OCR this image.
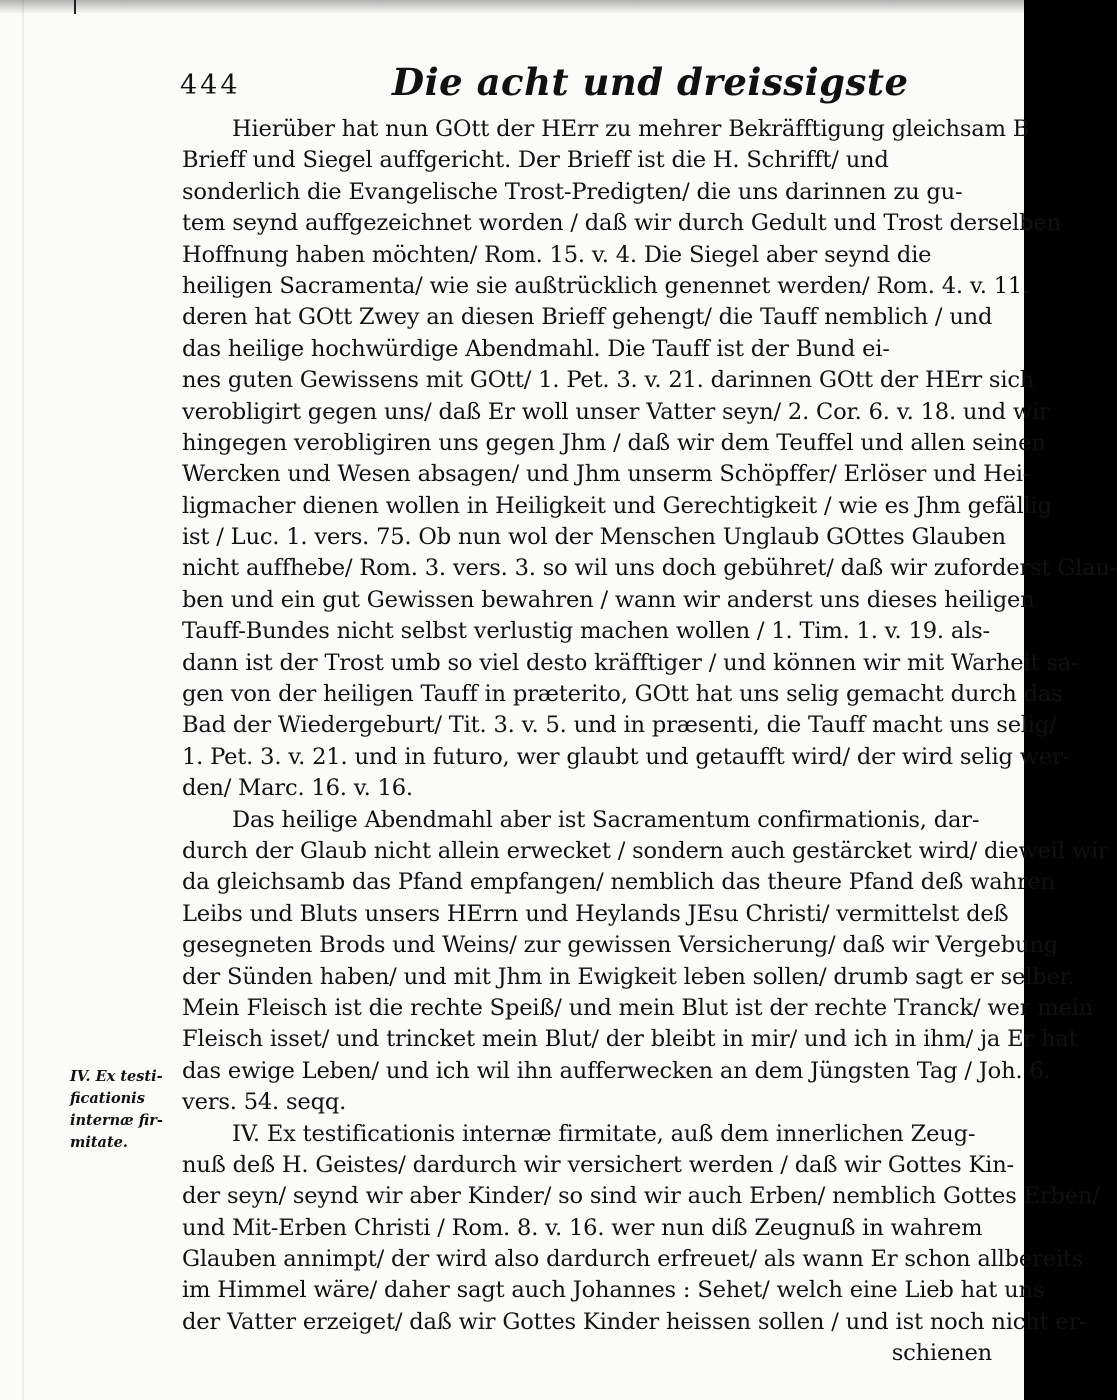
444	Die acht und dreissigste
IV. Ex testi-
ficationis
internæ fir-
mitate.
Hierüber hat nun GOtt der HErr zu mehrer Bekräfftigung gleichsam B
Brieff und Siegel auffgericht. Der Brieff ist die H. Schrifft/ und
sonderlich die Evangelische Trost-Predigten/ die uns darinnen zu gu-
tem seynd auffgezeichnet worden / daß wir durch Gedult und Trost derselben
Hoffnung haben möchten/ Rom. 15. v. 4. Die Siegel aber seynd die
heiligen Sacramenta/ wie sie außtrücklich genennet werden/ Rom. 4. v. 11.
deren hat GOtt Zwey an diesen Brieff gehengt/ die Tauff nemblich / und
das heilige hochwürdige Abendmahl. Die Tauff ist der Bund ei-
nes guten Gewissens mit GOtt/ 1. Pet. 3. v. 21. darinnen GOtt der HErr sich
verobligirt gegen uns/ daß Er woll unser Vatter seyn/ 2. Cor. 6. v. 18. und wir
hingegen verobligiren uns gegen Jhm / daß wir dem Teuffel und allen seinen
Wercken und Wesen absagen/ und Jhm unserm Schöpffer/ Erlöser und Hei-
ligmacher dienen wollen in Heiligkeit und Gerechtigkeit / wie es Jhm gefällig
ist / Luc. 1. vers. 75. Ob nun wol der Menschen Unglaub GOttes Glauben
nicht auffhebe/ Rom. 3. vers. 3. so wil uns doch gebühret/ daß wir zuforderst Glau-
ben und ein gut Gewissen bewahren / wann wir anderst uns dieses heiligen
Tauff-Bundes nicht selbst verlustig machen wollen / 1. Tim. 1. v. 19. als-
dann ist der Trost umb so viel desto kräfftiger / und können wir mit Warheit sa-
gen von der heiligen Tauff in præterito, GOtt hat uns selig gemacht durch das
Bad der Wiedergeburt/ Tit. 3. v. 5. und in præsenti, die Tauff macht uns selig/
1. Pet. 3. v. 21. und in futuro, wer glaubt und getaufft wird/ der wird selig wer-
den/ Marc. 16. v. 16.
Das heilige Abendmahl aber ist Sacramentum confirmationis, dar-
durch der Glaub nicht allein erwecket / sondern auch gestärcket wird/ dieweil wir
da gleichsamb das Pfand empfangen/ nemblich das theure Pfand deß wahren
Leibs und Bluts unsers HErrn und Heylands JEsu Christi/ vermittelst deß
gesegneten Brods und Weins/ zur gewissen Versicherung/ daß wir Vergebung
der Sünden haben/ und mit Jhm in Ewigkeit leben sollen/ drumb sagt er selber.
Mein Fleisch ist die rechte Speiß/ und mein Blut ist der rechte Tranck/ wer mein
Fleisch isset/ und trincket mein Blut/ der bleibt in mir/ und ich in ihm/ ja Er hat
das ewige Leben/ und ich wil ihn aufferwecken an dem Jüngsten Tag / Joh. 6.
vers. 54. seqq.
IV. Ex testificationis internæ firmitate, auß dem innerlichen Zeug-
nuß deß H. Geistes/ dardurch wir versichert werden / daß wir Gottes Kin-
der seyn/ seynd wir aber Kinder/ so sind wir auch Erben/ nemblich Gottes Erben/
und Mit-Erben Christi / Rom. 8. v. 16. wer nun diß Zeugnuß in wahrem
Glauben annimpt/ der wird also dardurch erfreuet/ als wann Er schon allbereits
im Himmel wäre/ daher sagt auch Johannes : Sehet/ welch eine Lieb hat uns
der Vatter erzeiget/ daß wir Gottes Kinder heissen sollen / und ist noch nicht er-
schienen
